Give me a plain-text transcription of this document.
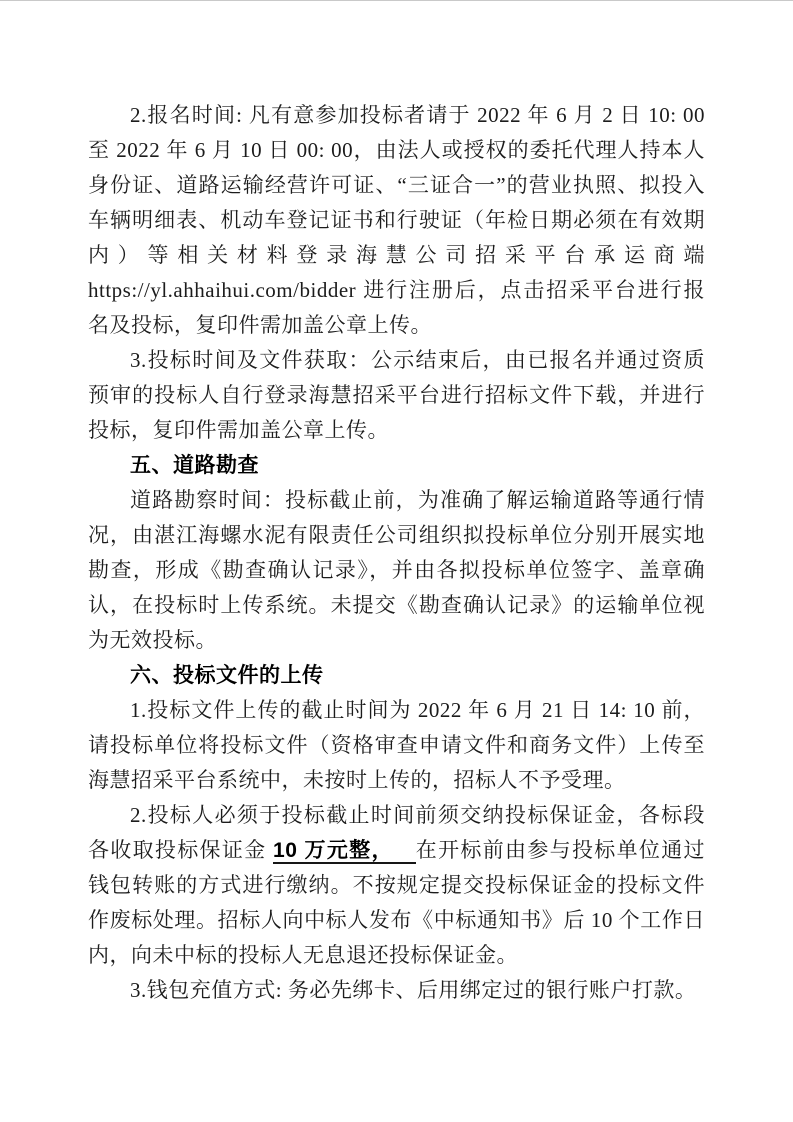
2.报名时间: 凡有意参加投标者请于 2022 年 6 月 2 日 10: 00 至 2022 年 6 月 10 日 00: 00，由法人或授权的委托代理人持本人身份证、道路运输经营许可证、“三证合一”的营业执照、拟投入车辆明细表、机动车登记证书和行驶证（年检日期必须在有效期内）等相关材料登录海慧公司招采平台承运商端 https://yl.ahhaihui.com/bidder 进行注册后，点击招采平台进行报名及投标，复印件需加盖公章上传。

3.投标时间及文件获取：公示结束后，由已报名并通过资质预审的投标人自行登录海慧招采平台进行招标文件下载，并进行投标，复印件需加盖公章上传。

五、道路勘查

道路勘察时间：投标截止前，为准确了解运输道路等通行情况，由湛江海螺水泥有限责任公司组织拟投标单位分别开展实地勘查，形成《勘查确认记录》，并由各拟投标单位签字、盖章确认，在投标时上传系统。未提交《勘查确认记录》的运输单位视为无效投标。

六、投标文件的上传

1.投标文件上传的截止时间为 2022 年 6 月 21 日 14: 10 前，请投标单位将投标文件（资格审查申请文件和商务文件）上传至海慧招采平台系统中，未按时上传的，招标人不予受理。

2.投标人必须于投标截止时间前须交纳投标保证金，各标段各收取投标保证金 10 万元整， 在开标前由参与投标单位通过钱包转账的方式进行缴纳。不按规定提交投标保证金的投标文件作废标处理。招标人向中标人发布《中标通知书》后 10 个工作日内，向未中标的投标人无息退还投标保证金。

3.钱包充值方式: 务必先绑卡、后用绑定过的银行账户打款。
